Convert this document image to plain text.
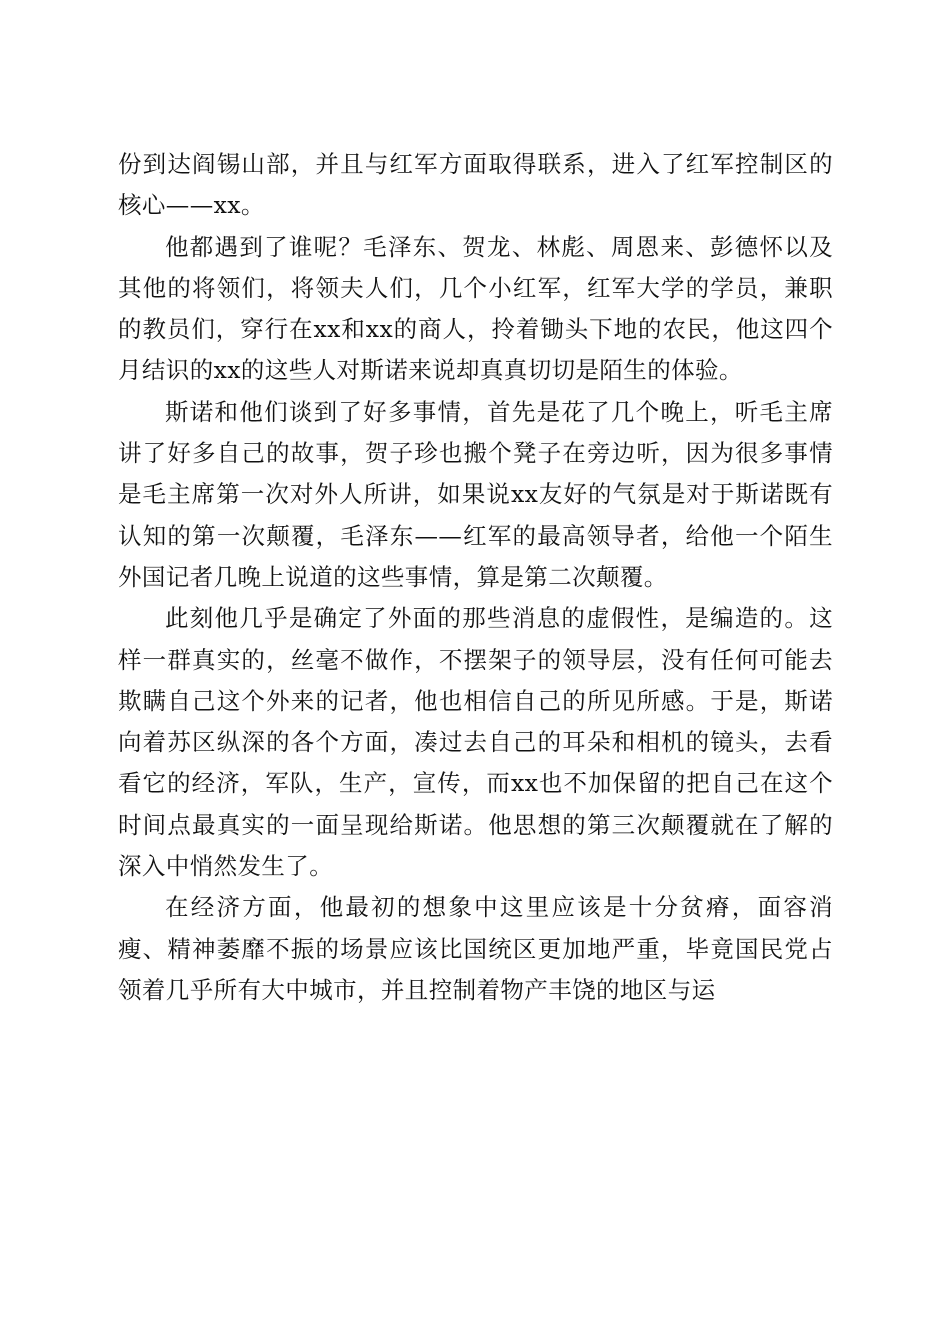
份到达阎锡山部，并且与红军方面取得联系，进入了红军控制区的核心——xx。

他都遇到了谁呢？毛泽东、贺龙、林彪、周恩来、彭德怀以及其他的将领们，将领夫人们，几个小红军，红军大学的学员，兼职的教员们，穿行在xx和xx的商人，拎着锄头下地的农民，他这四个月结识的xx的这些人对斯诺来说却真真切切是陌生的体验。

斯诺和他们谈到了好多事情，首先是花了几个晚上，听毛主席讲了好多自己的故事，贺子珍也搬个凳子在旁边听，因为很多事情是毛主席第一次对外人所讲，如果说xx友好的气氛是对于斯诺既有认知的第一次颠覆，毛泽东——红军的最高领导者，给他一个陌生外国记者几晚上说道的这些事情，算是第二次颠覆。

此刻他几乎是确定了外面的那些消息的虚假性，是编造的。这样一群真实的，丝毫不做作，不摆架子的领导层，没有任何可能去欺瞒自己这个外来的记者，他也相信自己的所见所感。于是，斯诺向着苏区纵深的各个方面，凑过去自己的耳朵和相机的镜头，去看看它的经济，军队，生产，宣传，而xx也不加保留的把自己在这个时间点最真实的一面呈现给斯诺。他思想的第三次颠覆就在了解的深入中悄然发生了。

在经济方面，他最初的想象中这里应该是十分贫瘠，面容消瘦、精神萎靡不振的场景应该比国统区更加地严重，毕竟国民党占领着几乎所有大中城市，并且控制着物产丰饶的地区与运
